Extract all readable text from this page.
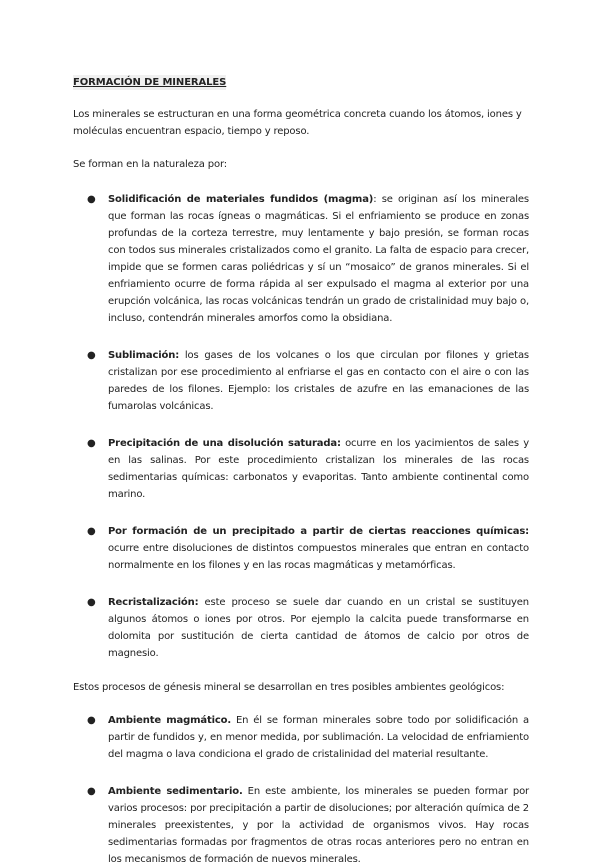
FORMACIÓN DE MINERALES

Los minerales se estructuran en una forma geométrica concreta cuando los átomos, iones y moléculas encuentran espacio, tiempo y reposo.

Se forman en la naturaleza por:

● Solidificación de materiales fundidos (magma): se originan así los minerales que forman las rocas ígneas o magmáticas. Si el enfriamiento se produce en zonas profundas de la corteza terrestre, muy lentamente y bajo presión, se forman rocas con todos sus minerales cristalizados como el granito. La falta de espacio para crecer, impide que se formen caras poliédricas y sí un “mosaico” de granos minerales. Si el enfriamiento ocurre de forma rápida al ser expulsado el magma al exterior por una erupción volcánica, las rocas volcánicas tendrán un grado de cristalinidad muy bajo o, incluso, contendrán minerales amorfos como la obsidiana.
● Sublimación: los gases de los volcanes o los que circulan por filones y grietas cristalizan por ese procedimiento al enfriarse el gas en contacto con el aire o con las paredes de los filones. Ejemplo: los cristales de azufre en las emanaciones de las fumarolas volcánicas.
● Precipitación de una disolución saturada: ocurre en los yacimientos de sales y en las salinas. Por este procedimiento cristalizan los minerales de las rocas sedimentarias químicas: carbonatos y evaporitas. Tanto ambiente continental como marino.
● Por formación de un precipitado a partir de ciertas reacciones químicas: ocurre entre disoluciones de distintos compuestos minerales que entran en contacto normalmente en los filones y en las rocas magmáticas y metamórficas.
● Recristalización: este proceso se suele dar cuando en un cristal se sustituyen algunos átomos o iones por otros. Por ejemplo la calcita puede transformarse en dolomita por sustitución de cierta cantidad de átomos de calcio por otros de magnesio.

Estos procesos de génesis mineral se desarrollan en tres posibles ambientes geológicos:

● Ambiente magmático. En él se forman minerales sobre todo por solidificación a partir de fundidos y, en menor medida, por sublimación. La velocidad de enfriamiento del magma o lava condiciona el grado de cristalinidad del material resultante.
● Ambiente sedimentario. En este ambiente, los minerales se pueden formar por varios procesos: por precipitación a partir de disoluciones; por alteración química de 2 minerales preexistentes, y por la actividad de organismos vivos. Hay rocas sedimentarias formadas por fragmentos de otras rocas anteriores pero no entran en los mecanismos de formación de nuevos minerales.
